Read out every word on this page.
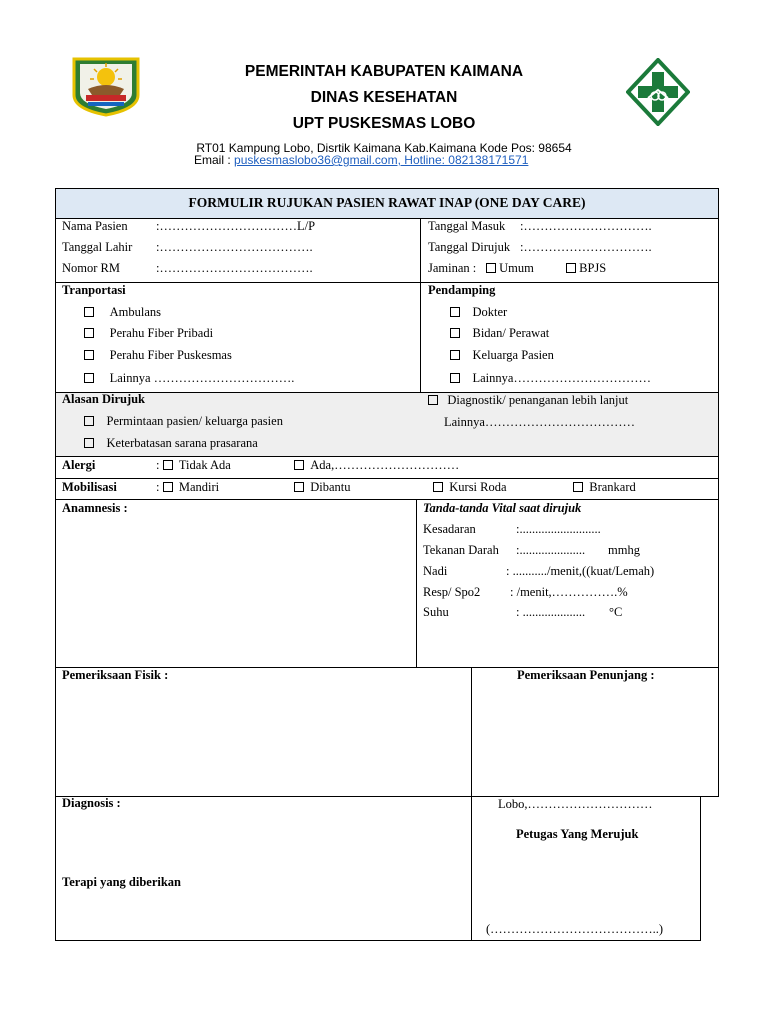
PEMERINTAH KABUPATEN KAIMANA
DINAS KESEHATAN
UPT PUSKESMAS LOBO
RT01 Kampung Lobo, Disrtik Kaimana Kab.Kaimana Kode Pos: 98654
Email : puskesmaslobo36@gmail.com, Hotline: 082138171571
FORMULIR RUJUKAN PASIEN RAWAT INAP (ONE DAY CARE)
Nama Pasien :……………………………L/P
Tanggal Lahir :……………………………….
Nomor RM	:……………………………….
Tanggal Masuk :………………………….
Tanggal Dirujuk :………………………….
Jaminan :	Umum	BPJS
Tranportasi
Ambulans
Perahu Fiber Pribadi
Perahu Fiber Puskesmas
Lainnya …………………………….
Pendamping
Dokter
Bidan/ Perawat
Keluarga Pasien
Lainnya……………………………
Alasan Dirujuk
Permintaan pasien/ keluarga pasien
Keterbatasan sarana prasarana
Diagnostik/ penanganan lebih lanjut
Lainnya………………………………
Alergi	:   Tidak Ada	Ada,…………………………
Mobilisasi	:   Mandiri	Dibantu	Kursi Roda	Brankard
Anamnesis :	Tanda-tanda Vital saat dirujuk
Kesadaran	:..........................
Tekanan Darah :..................... mmhg
Nadi	: .........../menit,((kuat/Lemah)
Resp/ Spo2 : /menit,…………….%
Suhu	: .................... °C
Pemeriksaan Fisik :	Pemeriksaan Penunjang :
Diagnosis :
Terapi yang diberikan
Lobo,…………………………
Petugas Yang Merujuk
(…………………………………..)
